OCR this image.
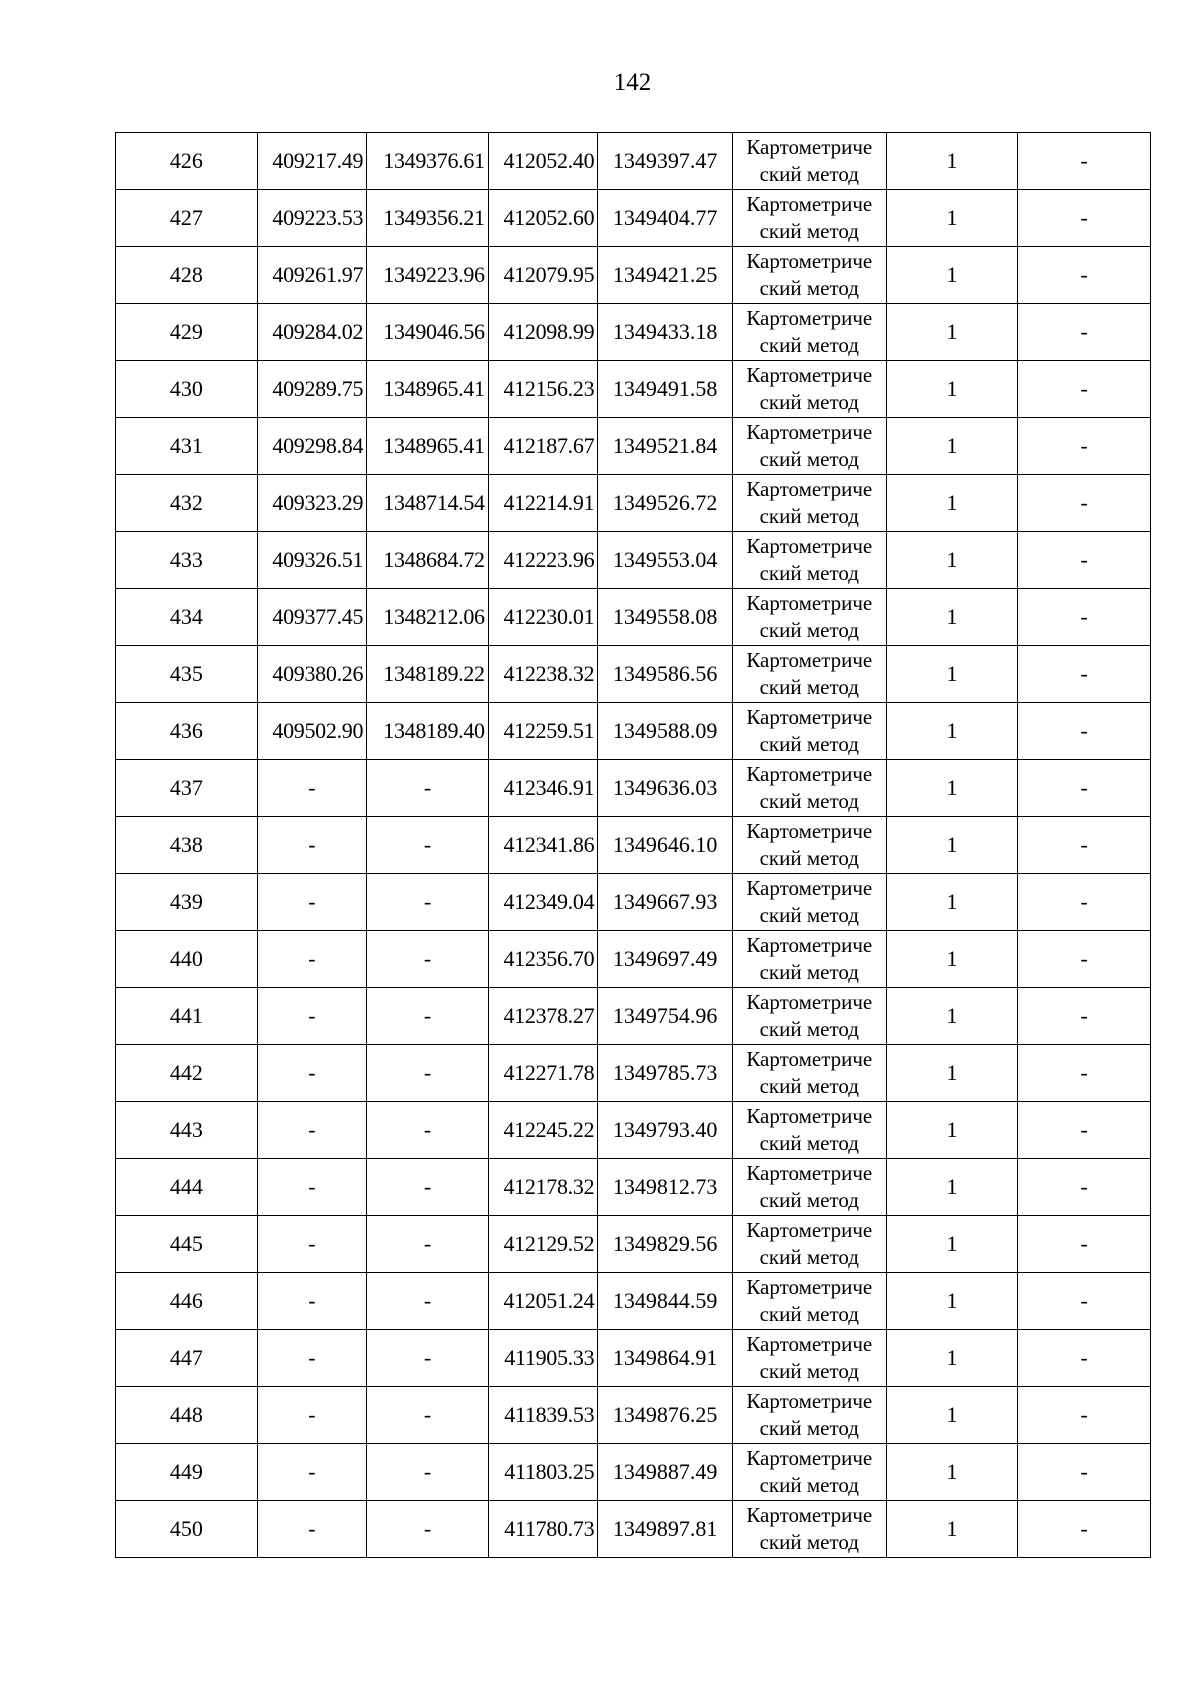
142
426	409217.49	1349376.61	412052.40	1349397.47	Картометриче
ский метод	1	-
427	409223.53	1349356.21	412052.60	1349404.77	Картометриче
ский метод	1	-
428	409261.97	1349223.96	412079.95	1349421.25	Картометриче
ский метод	1	-
429	409284.02	1349046.56	412098.99	1349433.18	Картометриче
ский метод	1	-
430	409289.75	1348965.41	412156.23	1349491.58	Картометриче
ский метод	1	-
431	409298.84	1348965.41	412187.67	1349521.84	Картометриче
ский метод	1	-
432	409323.29	1348714.54	412214.91	1349526.72	Картометриче
ский метод	1	-
433	409326.51	1348684.72	412223.96	1349553.04	Картометриче
ский метод	1	-
434	409377.45	1348212.06	412230.01	1349558.08	Картометриче
ский метод	1	-
435	409380.26	1348189.22	412238.32	1349586.56	Картометриче
ский метод	1	-
436	409502.90	1348189.40	412259.51	1349588.09	Картометриче
ский метод	1	-
437	-	-	412346.91	1349636.03	Картометриче
ский метод	1	-
438	-	-	412341.86	1349646.10	Картометриче
ский метод	1	-
439	-	-	412349.04	1349667.93	Картометриче
ский метод	1	-
440	-	-	412356.70	1349697.49	Картометриче
ский метод	1	-
441	-	-	412378.27	1349754.96	Картометриче
ский метод	1	-
442	-	-	412271.78	1349785.73	Картометриче
ский метод	1	-
443	-	-	412245.22	1349793.40	Картометриче
ский метод	1	-
444	-	-	412178.32	1349812.73	Картометриче
ский метод	1	-
445	-	-	412129.52	1349829.56	Картометриче
ский метод	1	-
446	-	-	412051.24	1349844.59	Картометриче
ский метод	1	-
447	-	-	411905.33	1349864.91	Картометриче
ский метод	1	-
448	-	-	411839.53	1349876.25	Картометриче
ский метод	1	-
449	-	-	411803.25	1349887.49	Картометриче
ский метод	1	-
450	-	-	411780.73	1349897.81	Картометриче
ский метод	1	-
